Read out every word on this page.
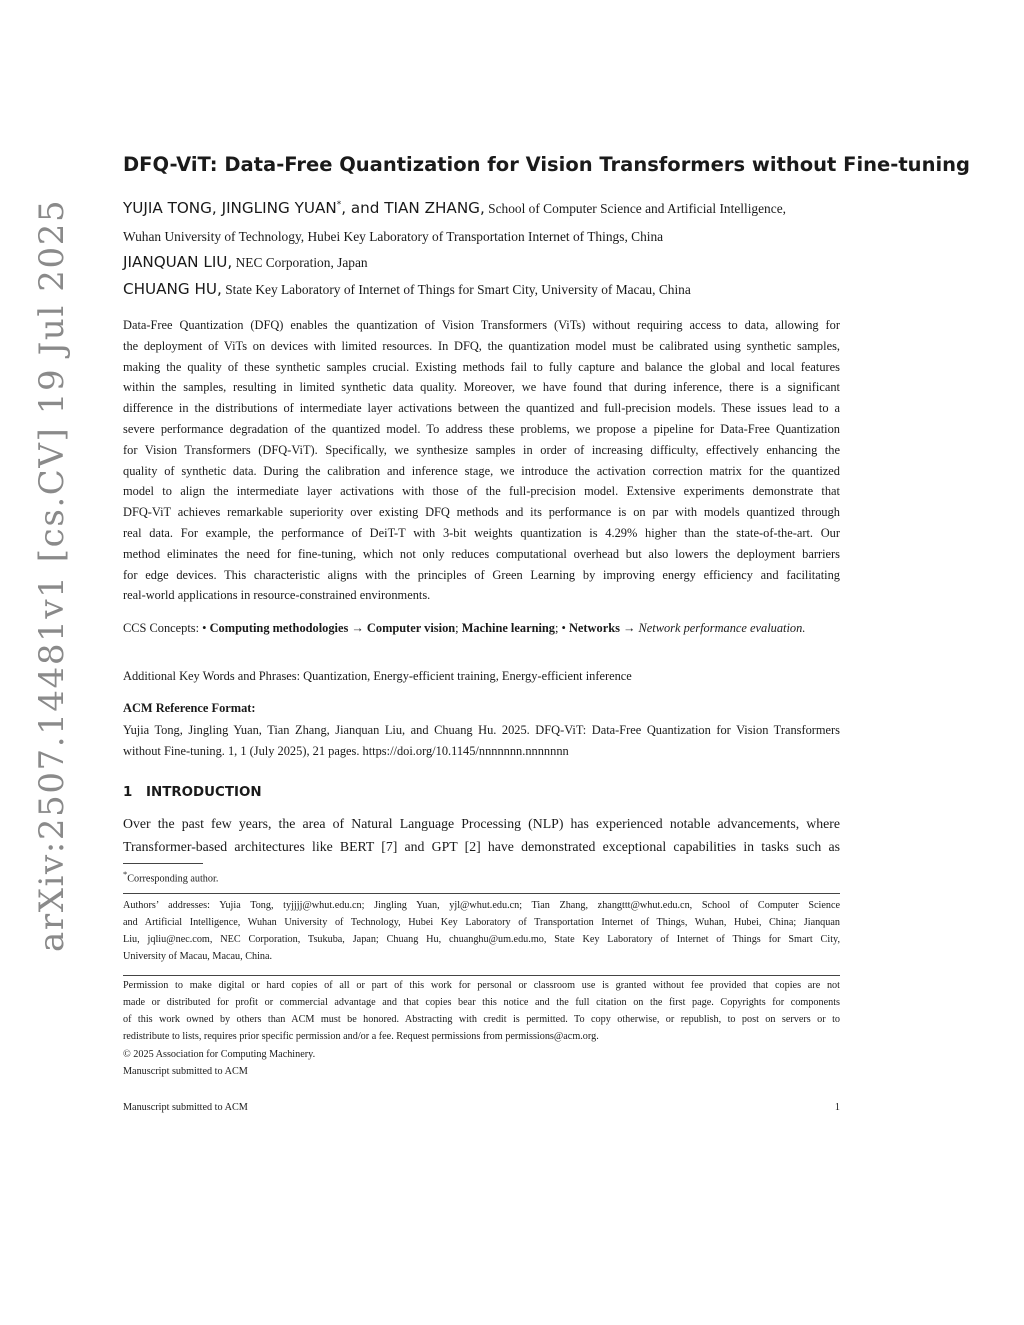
arXiv:2507.14481v1 [cs.CV] 19 Jul 2025
DFQ-ViT: Data-Free Quantization for Vision Transformers without Fine-tuning
YUJIA TONG, JINGLING YUAN*, and TIAN ZHANG, School of Computer Science and Artificial Intelligence,
Wuhan University of Technology, Hubei Key Laboratory of Transportation Internet of Things, China
JIANQUAN LIU, NEC Corporation, Japan
CHUANG HU, State Key Laboratory of Internet of Things for Smart City, University of Macau, China
Data-Free Quantization (DFQ) enables the quantization of Vision Transformers (ViTs) without requiring access to data, allowing for
the deployment of ViTs on devices with limited resources. In DFQ, the quantization model must be calibrated using synthetic samples,
making the quality of these synthetic samples crucial. Existing methods fail to fully capture and balance the global and local features
within the samples, resulting in limited synthetic data quality. Moreover, we have found that during inference, there is a significant
difference in the distributions of intermediate layer activations between the quantized and full-precision models. These issues lead to a
severe performance degradation of the quantized model. To address these problems, we propose a pipeline for Data-Free Quantization
for Vision Transformers (DFQ-ViT). Specifically, we synthesize samples in order of increasing difficulty, effectively enhancing the
quality of synthetic data. During the calibration and inference stage, we introduce the activation correction matrix for the quantized
model to align the intermediate layer activations with those of the full-precision model. Extensive experiments demonstrate that
DFQ-ViT achieves remarkable superiority over existing DFQ methods and its performance is on par with models quantized through
real data. For example, the performance of DeiT-T with 3-bit weights quantization is 4.29% higher than the state-of-the-art. Our
method eliminates the need for fine-tuning, which not only reduces computational overhead but also lowers the deployment barriers
for edge devices. This characteristic aligns with the principles of Green Learning by improving energy efficiency and facilitating
real-world applications in resource-constrained environments.
CCS Concepts: • Computing methodologies → Computer vision; Machine learning; • Networks → Network performance evaluation.
Additional Key Words and Phrases: Quantization, Energy-efficient training, Energy-efficient inference
ACM Reference Format:
Yujia Tong, Jingling Yuan, Tian Zhang, Jianquan Liu, and Chuang Hu. 2025. DFQ-ViT: Data-Free Quantization for Vision Transformers
without Fine-tuning. 1, 1 (July 2025), 21 pages. https://doi.org/10.1145/nnnnnnn.nnnnnnn
1 INTRODUCTION
Over the past few years, the area of Natural Language Processing (NLP) has experienced notable advancements, where
Transformer-based architectures like BERT [7] and GPT [2] have demonstrated exceptional capabilities in tasks such as
*Corresponding author.
Authors’ addresses: Yujia Tong, tyjjjj@whut.edu.cn; Jingling Yuan, yjl@whut.edu.cn; Tian Zhang, zhangttt@whut.edu.cn, School of Computer Science
and Artificial Intelligence, Wuhan University of Technology, Hubei Key Laboratory of Transportation Internet of Things, Wuhan, Hubei, China; Jianquan
Liu, jqliu@nec.com, NEC Corporation, Tsukuba, Japan; Chuang Hu, chuanghu@um.edu.mo, State Key Laboratory of Internet of Things for Smart City,
University of Macau, Macau, China.
Permission to make digital or hard copies of all or part of this work for personal or classroom use is granted without fee provided that copies are not
made or distributed for profit or commercial advantage and that copies bear this notice and the full citation on the first page. Copyrights for components
of this work owned by others than ACM must be honored. Abstracting with credit is permitted. To copy otherwise, or republish, to post on servers or to
redistribute to lists, requires prior specific permission and/or a fee. Request permissions from permissions@acm.org.
© 2025 Association for Computing Machinery.
Manuscript submitted to ACM
Manuscript submitted to ACM	1
